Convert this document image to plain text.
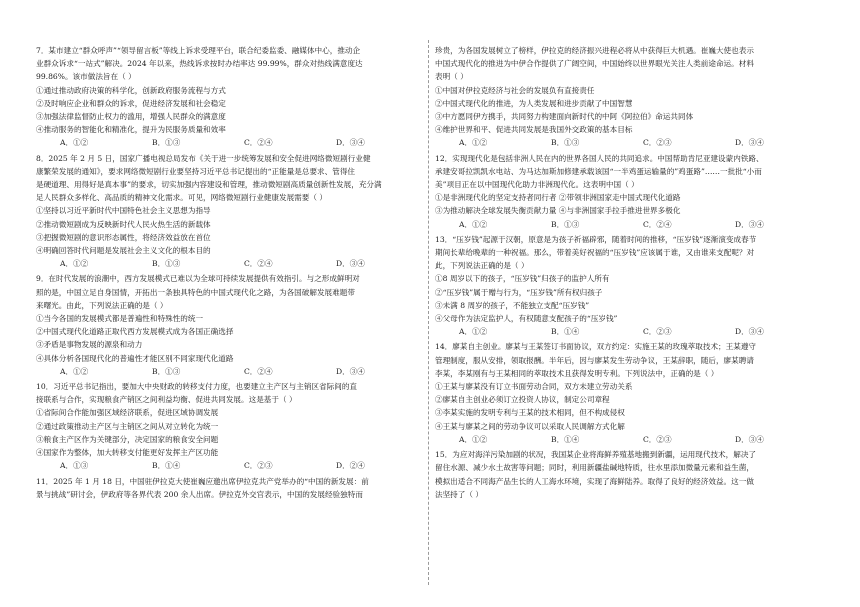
7．某市建立“群众呼声”“领导留言板”等线上诉求受理平台，联合纪委监委、融媒体中心，推动企
业群众诉求“一站式”解决。2024 年以来，热线诉求按时办结率达 99.99%，群众对热线满意度达
99.86%。该市做法旨在（ ）
①通过推动政府决策的科学化，创新政府服务流程与方式
②及时响应企业和群众的诉求，促进经济发展和社会稳定
③加强法律监督防止权力的滥用，增强人民群众的满意度
④推动服务的智能化和精准化，提升为民服务质量和效率
A．①②	B．①③	C．②④	D．③④
8．2025 年 2 月 5 日，国家广播电视总局发布《关于进一步统筹发展和安全促进网络微短剧行业健
康繁荣发展的通知》，要求网络微短剧行业要坚持习近平总书记提出的“正能量是总要求、管得住
是硬道理、用得好是真本事”的要求，切实加强内容建设和管理，推动微短剧高质量创新性发展，充分满
足人民群众多样化、高品质的精神文化需求。可见，网络微短剧行业健康发展需要（ ）
①坚持以习近平新时代中国特色社会主义思想为指导
②推动微短剧成为反映新时代人民火热生活的新载体
③把握微短剧的意识形态属性，将经济效益放在首位
④明确回答时代问题是发展社会主义文化的根本目的
A．①②	B．①③	C．②④	D．③④
9．在时代发展的浪潮中，西方发展模式已难以为全球可持续发展提供有效指引。与之形成鲜明对
照的是，中国立足自身国情，开拓出一条独具特色的中国式现代化之路，为各国破解发展难题带
来曙光。由此，下列说法正确的是（ ）
①当今各国的发展模式都是普遍性和特殊性的统一
②中国式现代化道路正取代西方发展模式成为各国正确选择
③矛盾是事物发展的源泉和动力
④具体分析各国现代化的普遍性才能区别不同家现代化道路
A．①②	B．①③	C．②④	D．③④
10．习近平总书记指出，要加大中央财政的转移支付力度，也要建立主产区与主销区省际间的直
接联系与合作，实现粮食产销区之间利益均衡、促进共同发展。这是基于（ ）
①省际间合作能加强区域经济联系，促进区域协调发展
②通过政策推动主产区与主销区之间从对立转化为统一
③粮食主产区作为关键部分，决定国家的粮食安全问题
④国家作为整体，加大转移支付能更好发挥主产区功能
A．①③	B．①④	C．②③	D．②④
11．2025 年 1 月 18 日，中国驻伊拉克大使崔巍应邀出席伊拉克共产党举办的“中国的新发展：前
景与挑战”研讨会，伊政府等各界代表 200 余人出席。伊拉克外交官表示，中国的发展经验独特而
珍贵，为各国发展树立了榜样，伊拉克的经济振兴进程必将从中获得巨大机遇。崔巍大使也表示
中国式现代化的推进为中伊合作提供了广阔空间，中国始终以世界眼光关注人类前途命运。材料
表明（ ）
①中国对伊拉克经济与社会的发展负有直接责任
②中国式现代化的推进，为人类发展和进步贡献了中国智慧
③中方愿同伊方携手，共同努力构建面向新时代的中阿《阿拉伯》命运共同体
④维护世界和平、促进共同发展是我国外交政策的基本目标
A．①②	B．①③	C．②③	D．③④
12．实现现代化是包括非洲人民在内的世界各国人民的共同追求。中国帮助肯尼亚建设蒙内铁路、
承建安哥拉凯凯水电站、为马达加斯加修建承载该国“一半鸡蛋运输量的”鸡蛋路”……一批批“小而
美”项目正在以中国现代化助力非洲现代化。这表明中国（ ）
①是非洲现代化的坚定支持者同行者 ②带领非洲国家走中国式现代化道路
③为推动解决全球发展失衡贡献力量 ④与非洲国家手拉手推进世界多极化
A．①②	B．①③	C．②④	D．③④
13．“压岁钱”起源于汉朝，原意是为孩子祈福辟邪，随着时间的推移，“压岁钱”逐渐演变成春节
期间长辈给晚辈的一种祝福。那么，带着美好祝福的“压岁钱”应该属于谁，又由谁来支配呢？对
此，下列说法正确的是（ ）
①8 周岁以下的孩子，“压岁钱”归孩子的监护人所有
②“压岁钱”属于赠与行为，“压岁钱”所有权归孩子
③未满 8 周岁的孩子，不能独立支配“压岁钱”
④父母作为法定监护人，有权随意支配孩子的“压岁钱”
A．①②	B．①④	C．②③	D．③④
14．廖某自主创业。廖某与王某签订书面协议，双方约定：实施王某的玫瑰萃取技术；王某遵守
管理制度，服从安排，领取报酬。半年后，因与廖某发生劳动争议，王某辞职，随后，廖某聘请
李某，李某刚有与王某相同的萃取技术且获得发明专利。下列说法中，正确的是（ ）
①王某与廖某没有订立书面劳动合同，双方未建立劳动关系
②廖某自主创业必须订立投资人协议，制定公司章程
③李某实施的发明专利与王某的技术相同，但不构成侵权
④王某与廖某之间的劳动争议可以采取人民调解方式化解
A．①②	B．①④	C．②③	D．③④
15．为应对海洋污染加剧的状况，我国某企业将海鲜养殖基地搬到新疆，运用现代技术，解决了
留住水源、减少水土故害等问题；同时，利用新疆盐碱地特质，往水里添加微量元素和益生菌，
模拟出适合不同海产品生长的人工海水环境，实现了海鲜陆养。取得了良好的经济效益。这一做
法坚持了（ ）
